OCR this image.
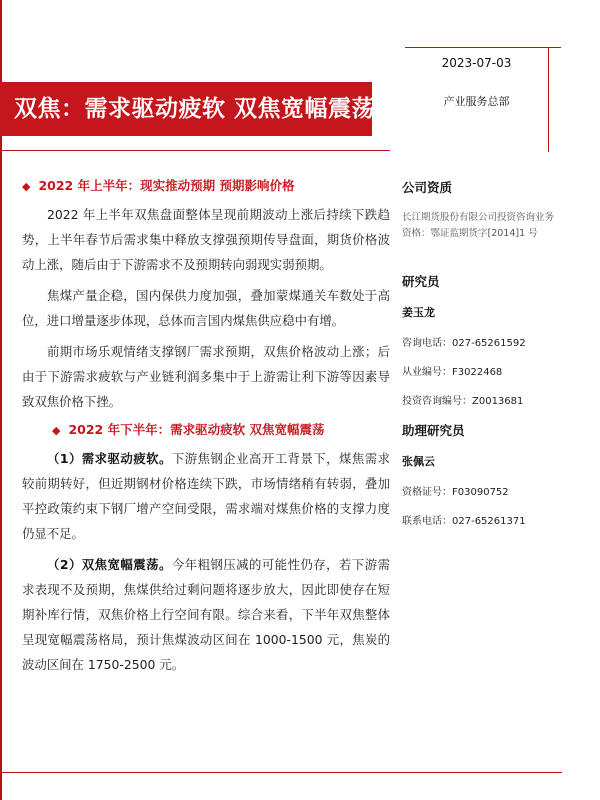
2023-07-03
产业服务总部
双焦：需求驱动疲软 双焦宽幅震荡
◆ 2022 年上半年：现实推动预期 预期影响价格

2022 年上半年双焦盘面整体呈现前期波动上涨后持续下跌趋势，上半年春节后需求集中释放支撑强预期传导盘面，期货价格波动上涨，随后由于下游需求不及预期转向弱现实弱预期。

焦煤产量企稳，国内保供力度加强，叠加蒙煤通关车数处于高位，进口增量逐步体现，总体而言国内煤焦供应稳中有增。

前期市场乐观情绪支撑钢厂需求预期，双焦价格波动上涨；后由于下游需求疲软与产业链利润多集中于上游需让利下游等因素导致双焦价格下挫。

◆ 2022 年下半年：需求驱动疲软 双焦宽幅震荡

（1）需求驱动疲软。下游焦钢企业高开工背景下，煤焦需求较前期转好，但近期钢材价格连续下跌，市场情绪稍有转弱，叠加平控政策约束下钢厂增产空间受限，需求端对煤焦价格的支撑力度仍显不足。

（2）双焦宽幅震荡。今年粗钢压减的可能性仍存，若下游需求表现不及预期，焦煤供给过剩问题将逐步放大，因此即使存在短期补库行情，双焦价格上行空间有限。综合来看，下半年双焦整体呈现宽幅震荡格局，预计焦煤波动区间在 1000-1500 元，焦炭的波动区间在 1750-2500 元。

公司资质
长江期货股份有限公司投资咨询业务资格：鄂证监期货字[2014]1 号
研究员
姜玉龙
咨询电话：027-65261592
从业编号：F3022468
投资咨询编号：Z0013681
助理研究员
张佩云
资格证号：F03090752
联系电话：027-65261371
